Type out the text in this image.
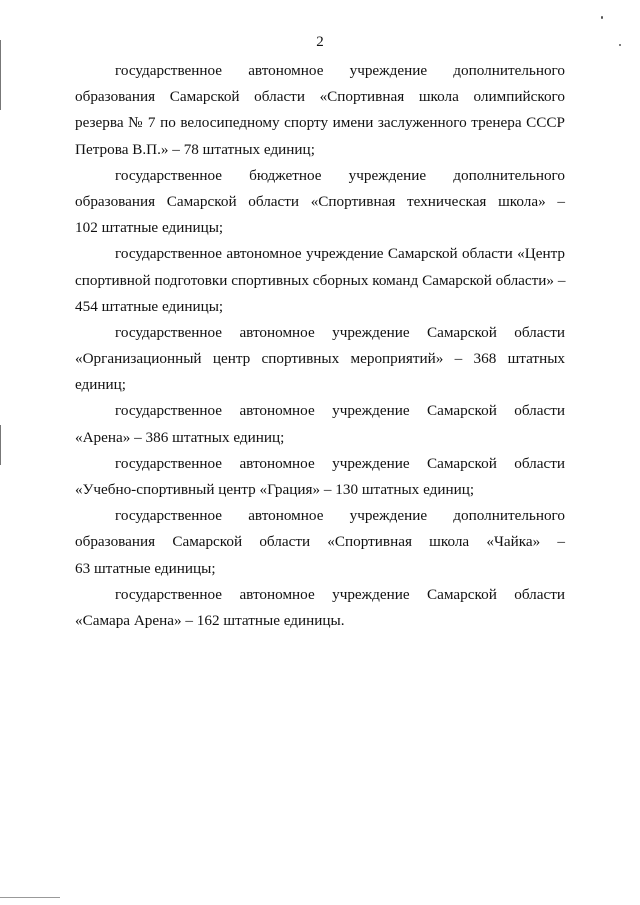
2
государственное автономное учреждение дополнительного
образования Самарской области «Спортивная школа олимпийского
резерва № 7 по велосипедному спорту имени заслуженного тренера СССР
Петрова В.П.» – 78 штатных единиц;
государственное бюджетное учреждение дополнительного
образования Самарской области «Спортивная техническая школа» –
102 штатные единицы;
государственное автономное учреждение Самарской области «Центр
спортивной подготовки спортивных сборных команд Самарской области» –
454 штатные единицы;
государственное автономное учреждение Самарской области
«Организационный центр спортивных мероприятий» – 368 штатных
единиц;
государственное автономное учреждение Самарской области
«Арена» – 386 штатных единиц;
государственное автономное учреждение Самарской области
«Учебно-спортивный центр «Грация» – 130 штатных единиц;
государственное автономное учреждение дополнительного
образования Самарской области «Спортивная школа «Чайка» –
63 штатные единицы;
государственное автономное учреждение Самарской области
«Самара Арена» – 162 штатные единицы.
